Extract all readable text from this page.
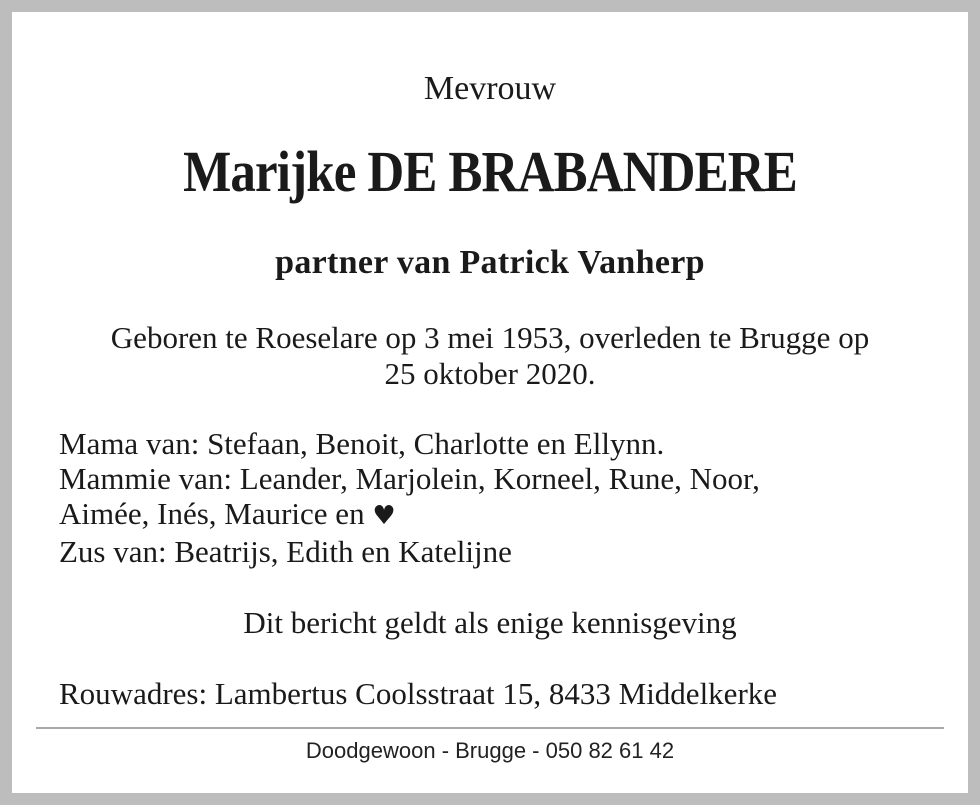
Mevrouw
Marijke DE BRABANDERE
partner van Patrick Vanherp
Geboren te Roeselare op 3 mei 1953, overleden te Brugge op
25 oktober 2020.
Mama van: Stefaan, Benoit, Charlotte en Ellynn.
Mammie van: Leander, Marjolein, Korneel, Rune, Noor,
Aimée, Inés, Maurice en ♥
Zus van: Beatrijs, Edith en Katelijne
Dit bericht geldt als enige kennisgeving
Rouwadres: Lambertus Coolsstraat 15, 8433 Middelkerke
Doodgewoon - Brugge - 050 82 61 42
